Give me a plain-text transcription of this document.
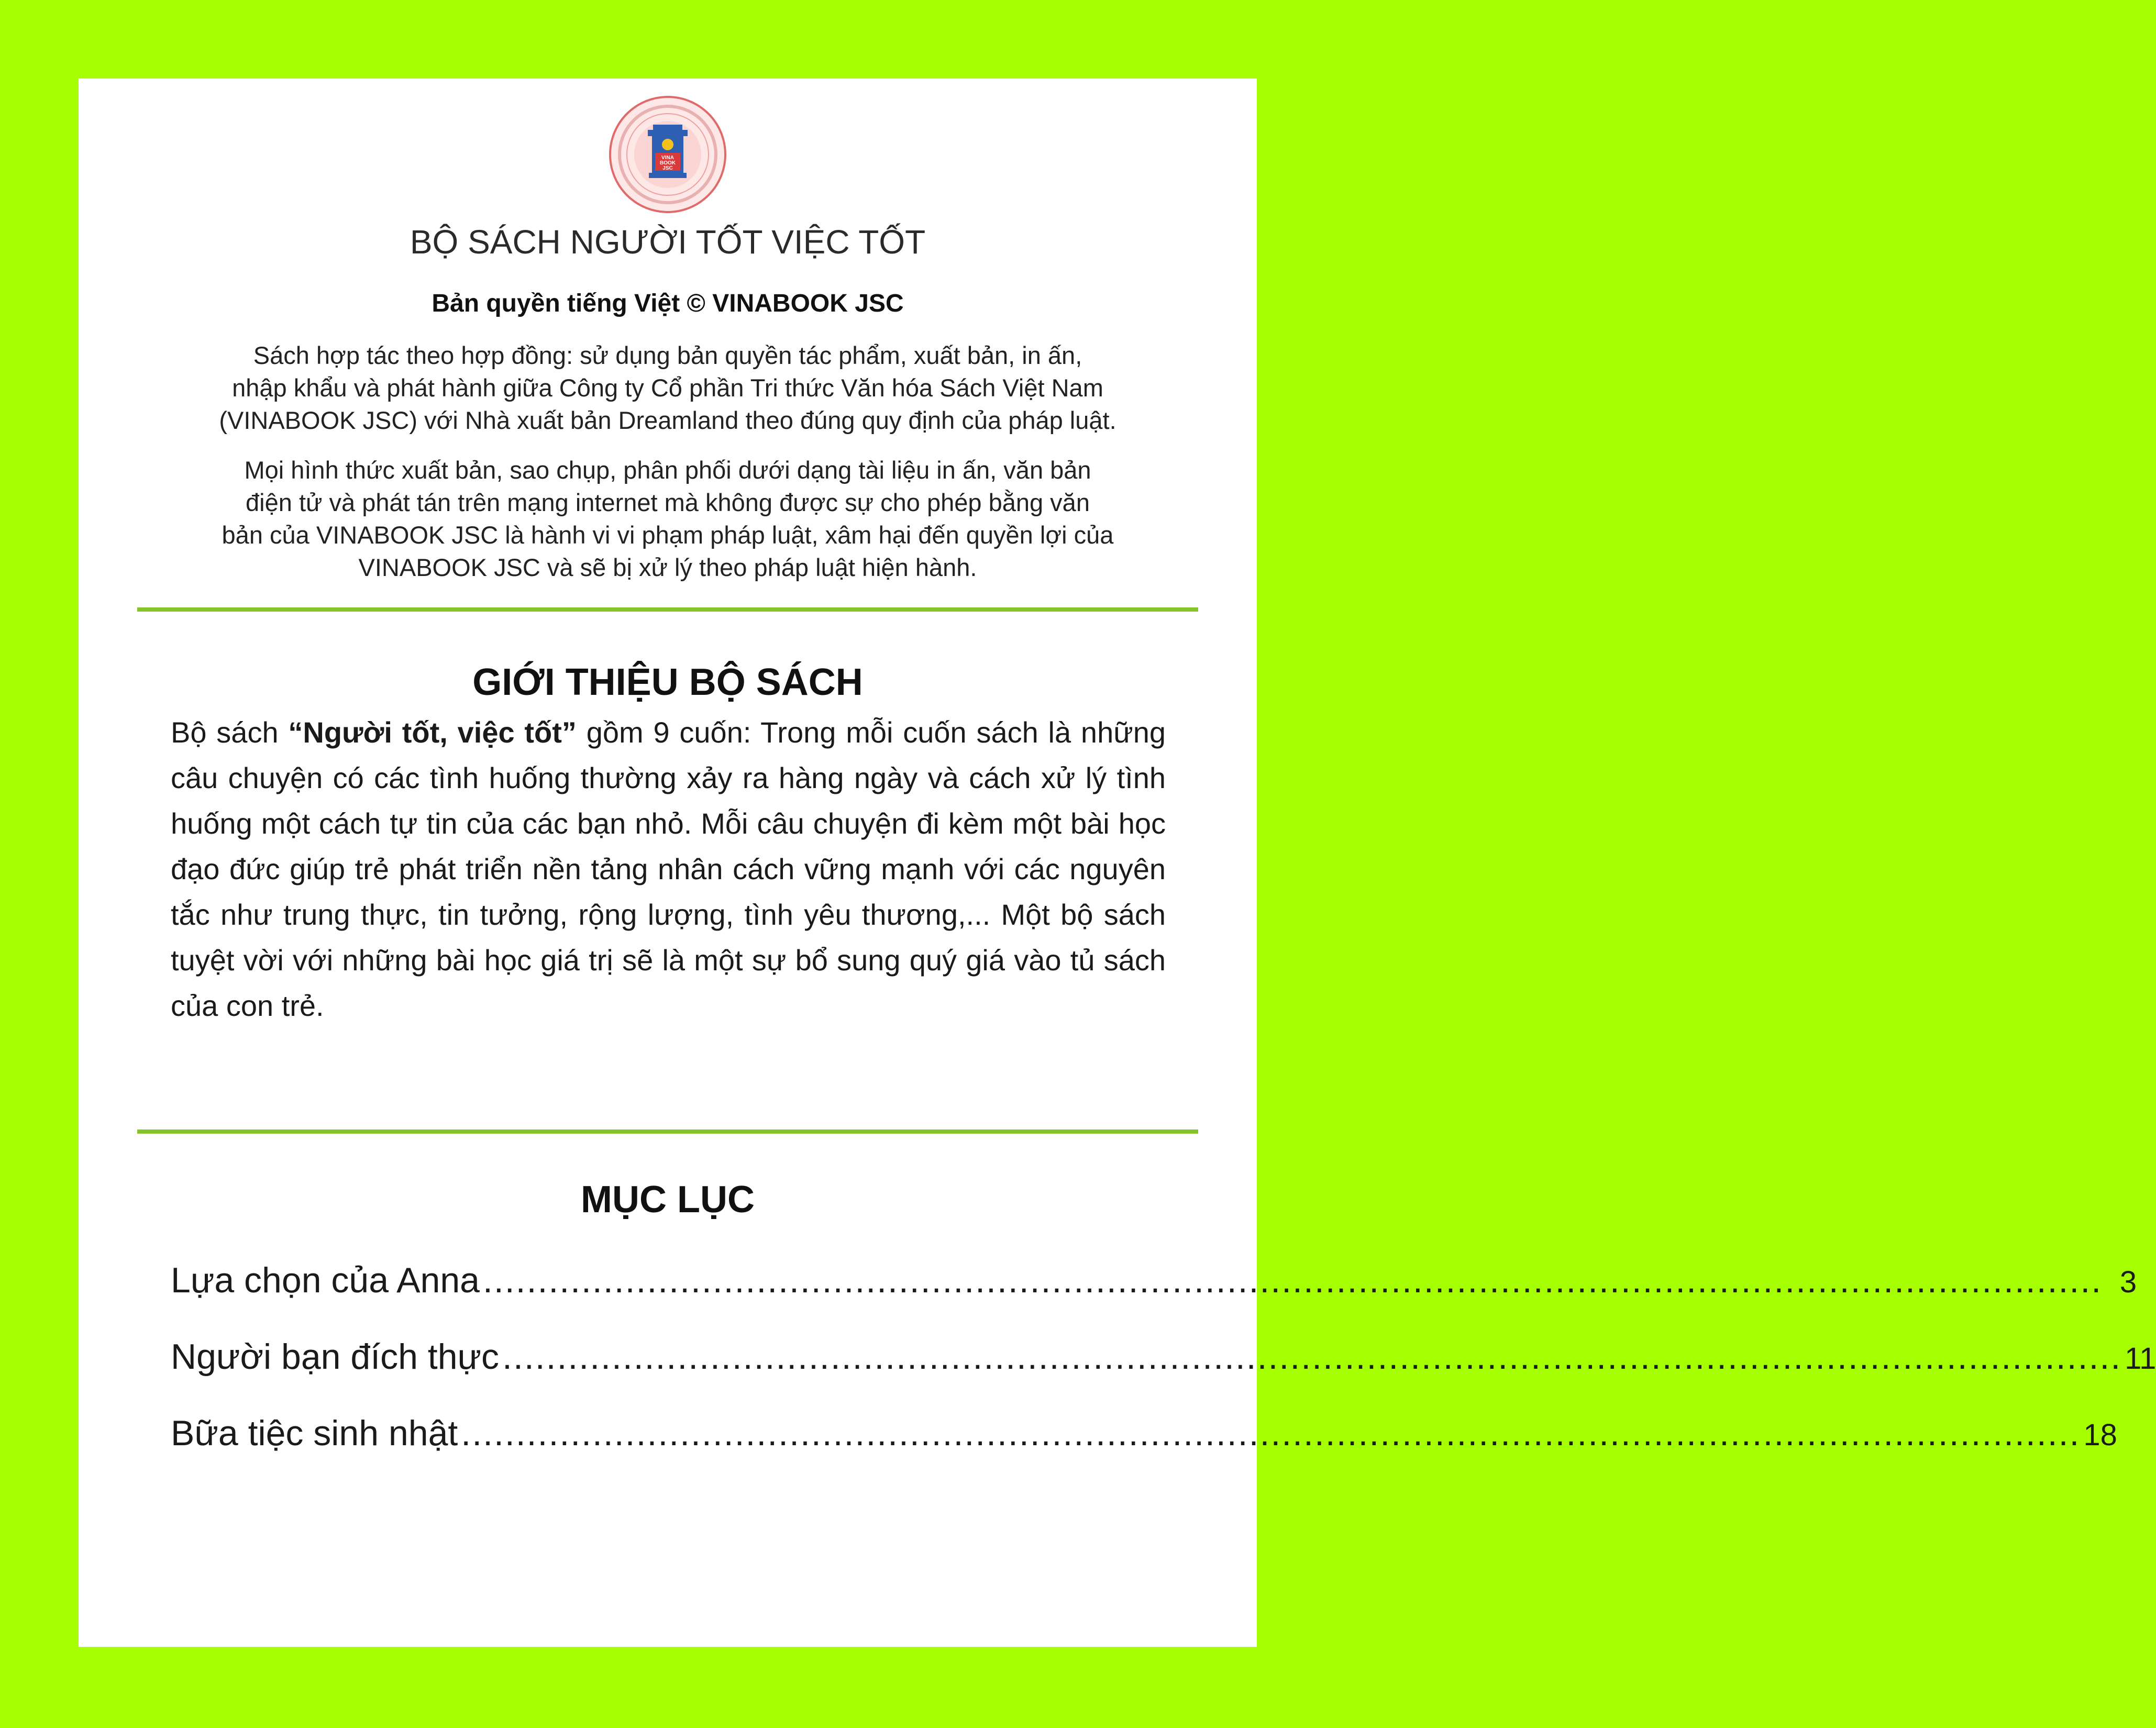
VINA
BOOK
JSC
BỘ SÁCH NGƯỜI TỐT VIỆC TỐT
Bản quyền tiếng Việt © VINABOOK JSC

Sách hợp tác theo hợp đồng: sử dụng bản quyền tác phẩm, xuất bản, in ấn,
nhập khẩu và phát hành giữa Công ty Cổ phần Tri thức Văn hóa Sách Việt Nam
(VINABOOK JSC) với Nhà xuất bản Dreamland theo đúng quy định của pháp luật.

Mọi hình thức xuất bản, sao chụp, phân phối dưới dạng tài liệu in ấn, văn bản
điện tử và phát tán trên mạng internet mà không được sự cho phép bằng văn
bản của VINABOOK JSC là hành vi vi phạm pháp luật, xâm hại đến quyền lợi của
VINABOOK JSC và sẽ bị xử lý theo pháp luật hiện hành.

GIỚI THIỆU BỘ SÁCH

Bộ sách “Người tốt, việc tốt” gồm 9 cuốn: Trong mỗi cuốn sách là những câu chuyện có các tình huống thường xảy ra hàng ngày và cách xử lý tình huống một cách tự tin của các bạn nhỏ. Mỗi câu chuyện đi kèm một bài học đạo đức giúp trẻ phát triển nền tảng nhân cách vững mạnh với các nguyên tắc như trung thực, tin tưởng, rộng lượng, tình yêu thương,... Một bộ sách tuyệt vời với những bài học giá trị sẽ là một sự bổ sung quý giá vào tủ sách của con trẻ.

MỤC LỤC
Lựa chọn của Anna .................................................................................................................................................... 3
Người bạn đích thực .................................................................................................................................................... 11
Bữa tiệc sinh nhật .................................................................................................................................................... 18
